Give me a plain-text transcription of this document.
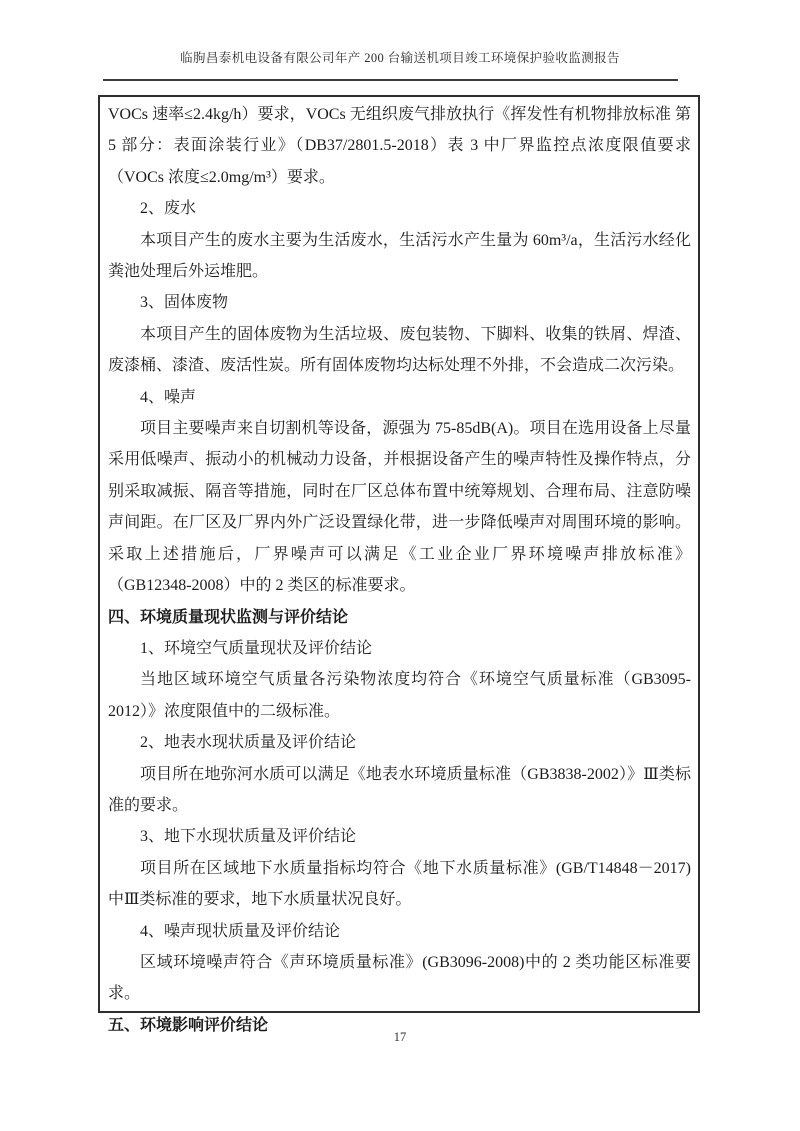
临朐昌泰机电设备有限公司年产 200 台输送机项目竣工环境保护验收监测报告

VOCs 速率≤2.4kg/h）要求，VOCs 无组织废气排放执行《挥发性有机物排放标准 第 5 部分：表面涂装行业》（DB37/2801.5-2018）表 3 中厂界监控点浓度限值要求（VOCs 浓度≤2.0mg/m³）要求。

2、废水

本项目产生的废水主要为生活废水，生活污水产生量为 60m³/a，生活污水经化粪池处理后外运堆肥。

3、固体废物

本项目产生的固体废物为生活垃圾、废包装物、下脚料、收集的铁屑、焊渣、废漆桶、漆渣、废活性炭。所有固体废物均达标处理不外排，不会造成二次污染。

4、噪声

项目主要噪声来自切割机等设备，源强为 75-85dB(A)。项目在选用设备上尽量采用低噪声、振动小的机械动力设备，并根据设备产生的噪声特性及操作特点，分别采取减振、隔音等措施，同时在厂区总体布置中统筹规划、合理布局、注意防噪声间距。在厂区及厂界内外广泛设置绿化带，进一步降低噪声对周围环境的影响。采取上述措施后，厂界噪声可以满足《工业企业厂界环境噪声排放标准》（GB12348-2008）中的 2 类区的标准要求。

四、环境质量现状监测与评价结论

1、环境空气质量现状及评价结论

当地区域环境空气质量各污染物浓度均符合《环境空气质量标准（GB3095-2012）》浓度限值中的二级标准。

2、地表水现状质量及评价结论

项目所在地弥河水质可以满足《地表水环境质量标准（GB3838-2002）》Ⅲ类标准的要求。

3、地下水现状质量及评价结论

项目所在区域地下水质量指标均符合《地下水质量标准》(GB/T14848－2017)中Ⅲ类标准的要求，地下水质量状况良好。

4、噪声现状质量及评价结论

区域环境噪声符合《声环境质量标准》(GB3096-2008)中的 2 类功能区标准要求。

五、环境影响评价结论

17
